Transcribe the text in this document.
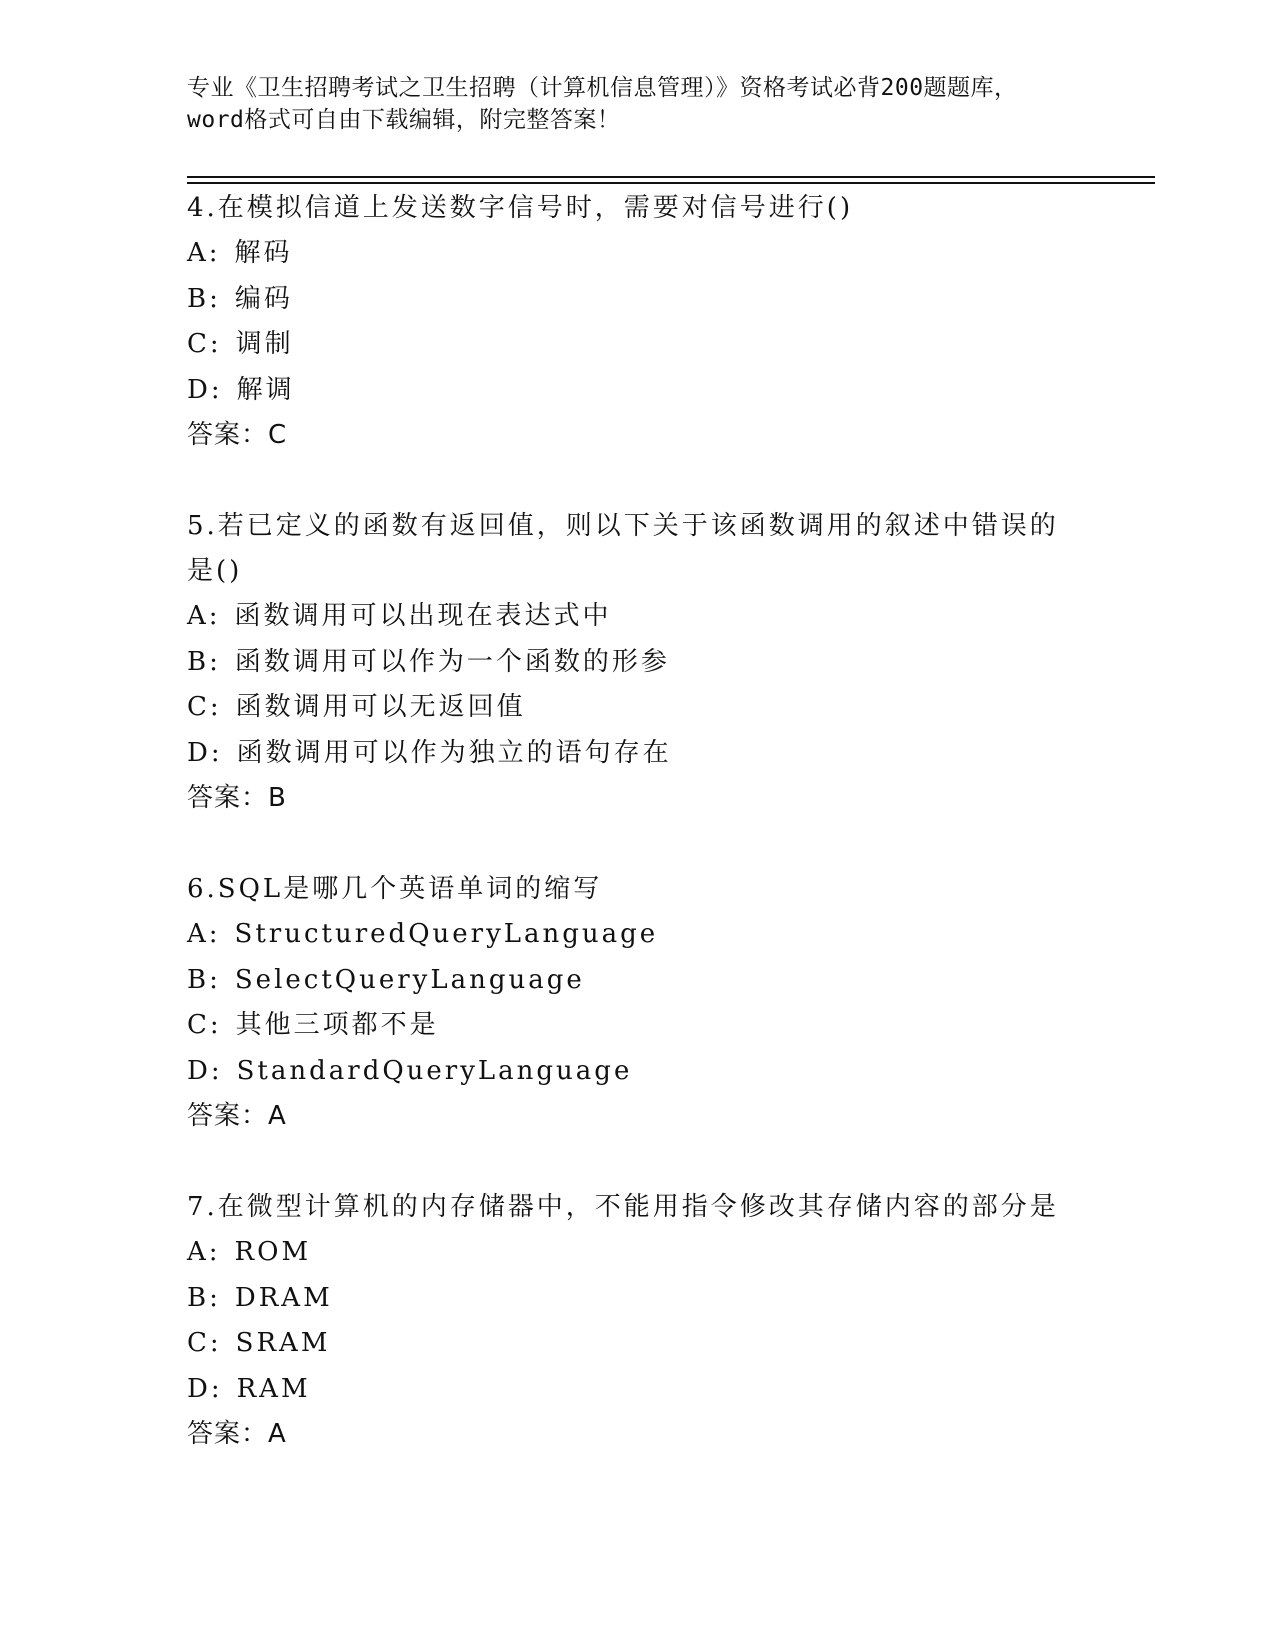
专业《卫生招聘考试之卫生招聘（计算机信息管理）》资格考试必背200题题库，
word格式可自由下载编辑，附完整答案！
4.在模拟信道上发送数字信号时，需要对信号进行()
A: 解码
B: 编码
C: 调制
D: 解调
答案：C
5.若已定义的函数有返回值，则以下关于该函数调用的叙述中错误的是()
A: 函数调用可以出现在表达式中
B: 函数调用可以作为一个函数的形参
C: 函数调用可以无返回值
D: 函数调用可以作为独立的语句存在
答案：B
6.SQL是哪几个英语单词的缩写
A: StructuredQueryLanguage
B: SelectQueryLanguage
C: 其他三项都不是
D: StandardQueryLanguage
答案：A
7.在微型计算机的内存储器中，不能用指令修改其存储内容的部分是
A: ROM
B: DRAM
C: SRAM
D: RAM
答案：A
